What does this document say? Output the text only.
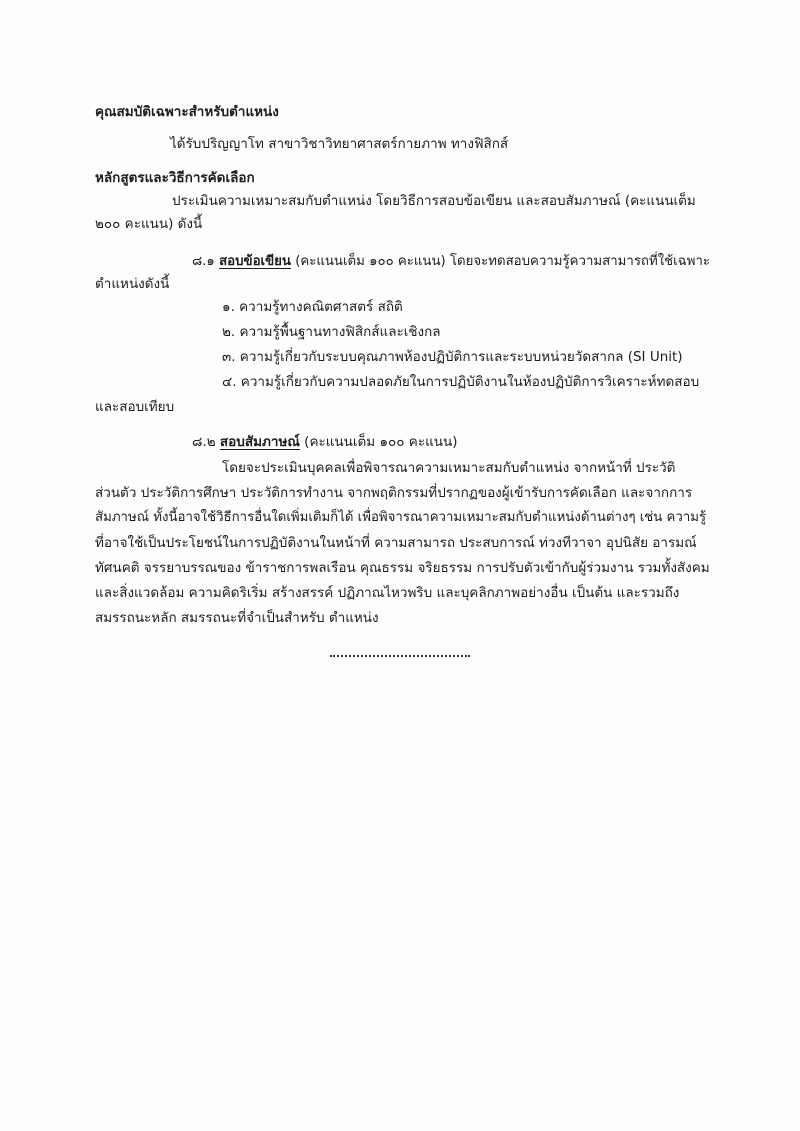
คุณสมบัติเฉพาะสำหรับตำแหน่ง
ได้รับปริญญาโท สาขาวิชาวิทยาศาสตร์กายภาพ ทางฟิสิกส์
หลักสูตรและวิธีการคัดเลือก
ประเมินความเหมาะสมกับตำแหน่ง โดยวิธีการสอบข้อเขียน และสอบสัมภาษณ์ (คะแนนเต็ม
๒๐๐ คะแนน) ดังนี้
๘.๑ สอบข้อเขียน (คะแนนเต็ม ๑๐๐ คะแนน) โดยจะทดสอบความรู้ความสามารถที่ใช้เฉพาะ
ตำแหน่งดังนี้
๑. ความรู้ทางคณิตศาสตร์ สถิติ
๒. ความรู้พื้นฐานทางฟิสิกส์และเชิงกล
๓. ความรู้เกี่ยวกับระบบคุณภาพห้องปฏิบัติการและระบบหน่วยวัดสากล (SI Unit)
๔. ความรู้เกี่ยวกับความปลอดภัยในการปฏิบัติงานในห้องปฏิบัติการวิเคราะห์ทดสอบ
และสอบเทียบ
๘.๒ สอบสัมภาษณ์ (คะแนนเต็ม ๑๐๐ คะแนน)
โดยจะประเมินบุคคลเพื่อพิจารณาความเหมาะสมกับตำแหน่ง จากหน้าที่ ประวัติ
ส่วนตัว ประวัติการศึกษา ประวัติการทำงาน จากพฤติกรรมที่ปรากฏของผู้เข้ารับการคัดเลือก และจากการ
สัมภาษณ์ ทั้งนี้อาจใช้วิธีการอื่นใดเพิ่มเติมก็ได้ เพื่อพิจารณาความเหมาะสมกับตำแหน่งด้านต่างๆ เช่น ความรู้
ที่อาจใช้เป็นประโยชน์ในการปฏิบัติงานในหน้าที่ ความสามารถ ประสบการณ์ ท่วงทีวาจา อุปนิสัย อารมณ์
ทัศนคติ จรรยาบรรณของ ข้าราชการพลเรือน คุณธรรม จริยธรรม การปรับตัวเข้ากับผู้ร่วมงาน รวมทั้งสังคม
และสิ่งแวดล้อม ความคิดริเริ่ม สร้างสรรค์ ปฏิภาณไหวพริบ และบุคลิกภาพอย่างอื่น เป็นต้น และรวมถึง
สมรรถนะหลัก สมรรถนะที่จำเป็นสำหรับ ตำแหน่ง
